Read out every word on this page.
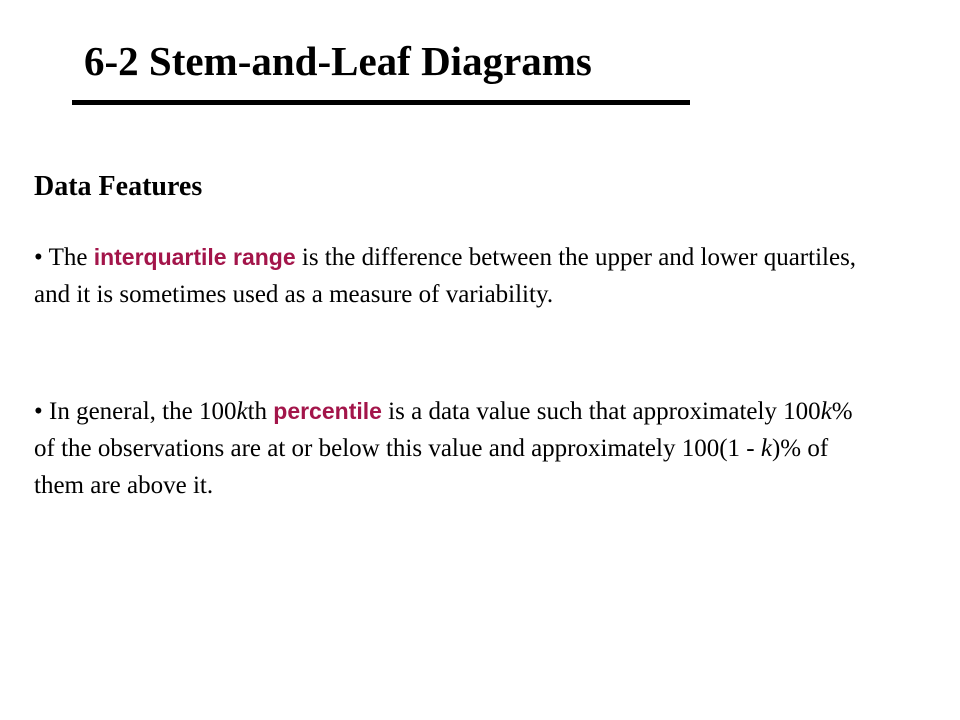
6-2 Stem-and-Leaf Diagrams
Data Features

• The interquartile range is the difference between the upper and lower quartiles, and it is sometimes used as a measure of variability.

• In general, the 100kth percentile is a data value such that approximately 100k% of the observations are at or below this value and approximately 100(1 - k)% of them are above it.
